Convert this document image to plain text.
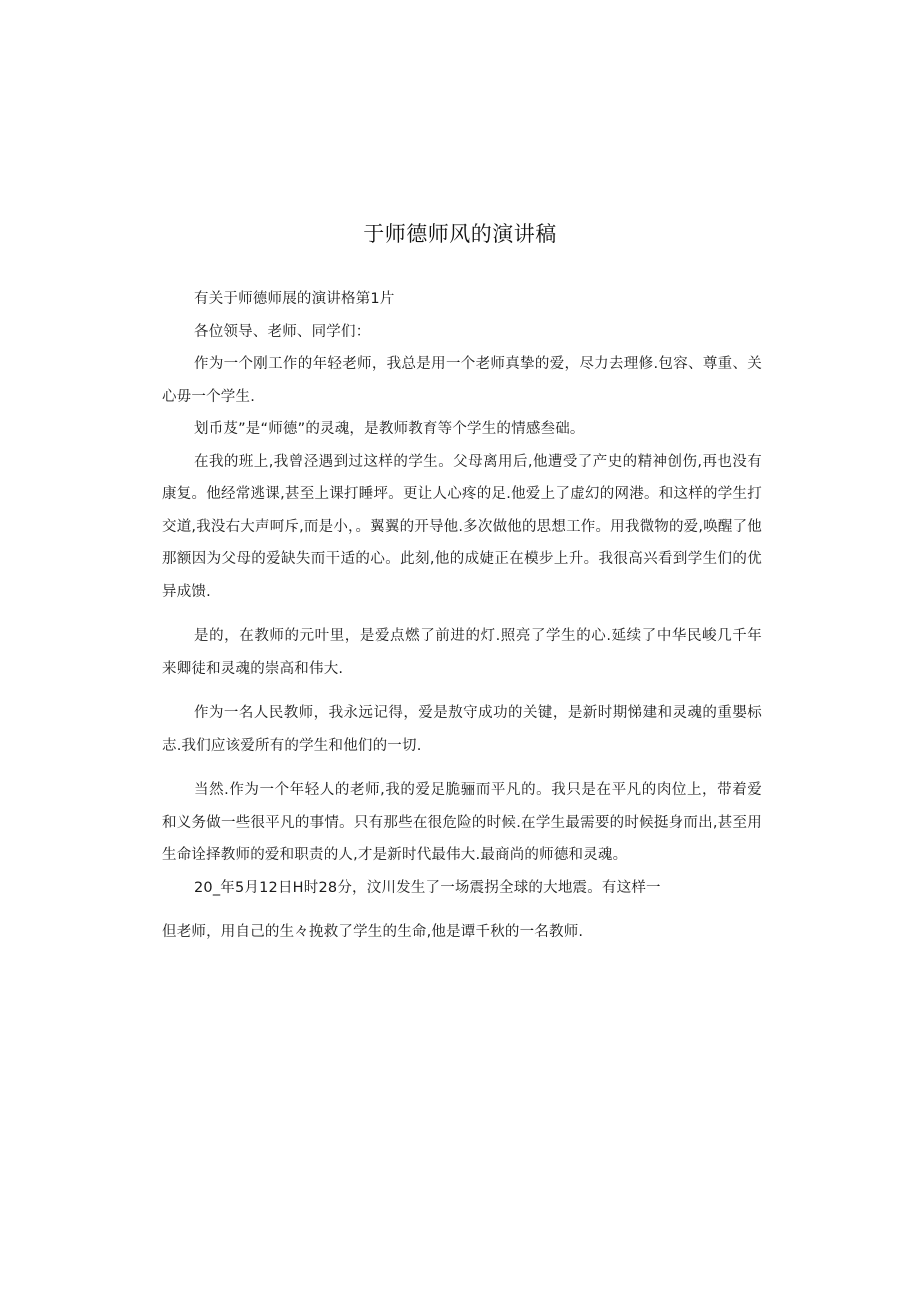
于师德师风的演讲稿

有关于师德师展的演讲格第1片

各位领导、老师、同学们：

作为一个刚工作的年轻老师，我总是用一个老师真挚的爱，尽力去理修.包容、尊重、关心毋一个学生.

划币芨”是“师德”的灵魂，是教师教育等个学生的情感叁础。

在我的班上,我曾泾遇到过这样的学生。父母离用后,他遭受了产史的精神创伤,再也没有康复。他经常逃课,甚至上课打睡坪。更让人心疼的足.他爱上了虚幻的网港。和这样的学生打交道,我没右大声呵斥,而是小，。翼翼的开导他.多次做他的思想工作。用我微物的爱,唤醒了他那额因为父母的爱缺失而干适的心。此刻,他的成婕正在模步上升。我很高兴看到学生们的优异成馈.

是的，在教师的元叶里，是爱点燃了前进的灯.照亮了学生的心.延续了中华民峻几千年来卿徒和灵魂的崇高和伟大.

作为一名人民教师，我永远记得，爱是敖守成功的关键，是新时期悌建和灵魂的重嬰标志.我们应该爱所有的学生和他们的一切.

当然.作为一个年轻人的老师,我的爱足脆骊而平凡的。我只是在平凡的肉位上，带着爱和义务做一些很平凡的事情。只有那些在很危险的时候.在学生最需要的时候挺身而出,甚至用生命诠择教师的爱和职责的人,才是新时代最伟大.最商尚的师德和灵魂。

20_年5月12日H时28分，汶川发生了一场震拐全球的大地震。有这样一

但老师，用自己的生々挽救了学生的生命,他是谭千秋的一名教师.
